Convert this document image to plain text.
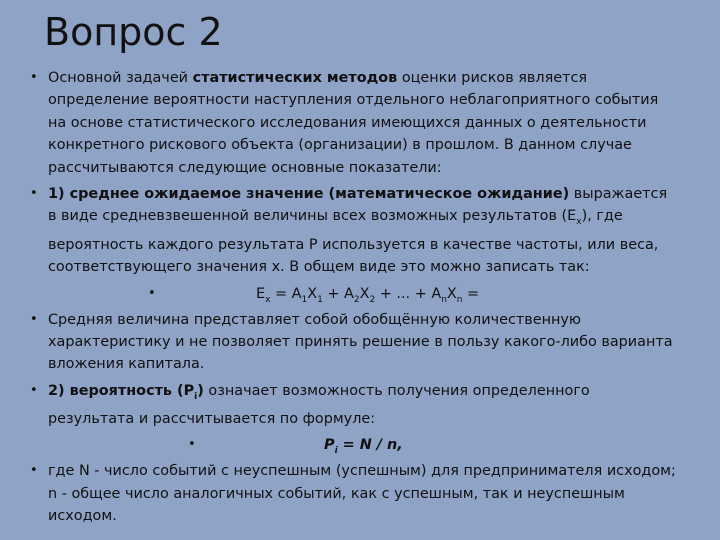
Вопрос 2
• Основной задачей статистических методов оценки рисков является определение вероятности наступления отдельного неблагоприятного события на основе статистического исследования имеющихся данных о деятельности конкретного рискового объекта (организации) в прошлом. В данном случае рассчитываются следующие основные показатели:
• 1) среднее ожидаемое значение (математическое ожидание) выражается в виде средневзвешенной величины всех возможных результатов $(E_x)$, где вероятность каждого результата P используется в качестве частоты, или веса, соответствующего значения х. В общем виде это можно записать так:
•	$E_x = A_1X_1 + A_2X_2$ + ... + $A_nX_n$ =
• Средняя величина представляет собой обобщённую количественную характеристику и не позволяет принять решение в пользу какого-либо варианта вложения капитала.
• 2) вероятность $(P_i)$ означает возможность получения определенного результата и рассчитывается по формуле:
•	$P_i = N / n$,
• где N - число событий с неуспешным (успешным) для предпринимателя исходом; n - общее число аналогичных событий, как с успешным, так и неуспешным исходом.
